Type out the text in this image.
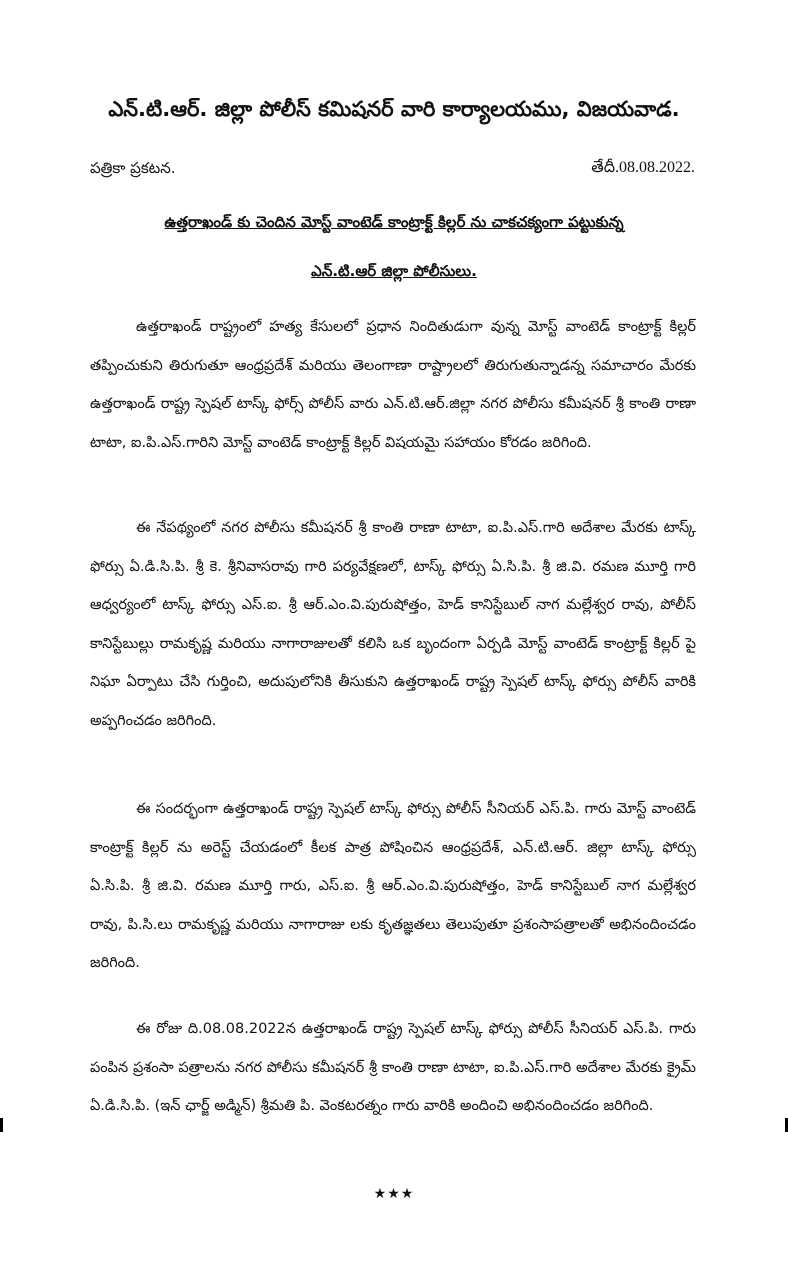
ఎన్.టి.ఆర్. జిల్లా పోలీస్ కమిషనర్ వారి కార్యాలయము, విజయవాడ.
పత్రికా ప్రకటన.	తేదీ.08.08.2022.
ఉత్తరాఖండ్ కు చెందిన మోస్ట్ వాంటెడ్ కాంట్రాక్ట్ కిల్లర్ ను చాకచక్యంగా పట్టుకున్న
ఎన్.టి.ఆర్ జిల్లా పోలీసులు.
ఉత్తరాఖండ్ రాష్ట్రంలో హత్య కేసులలో ప్రధాన నిందితుడుగా వున్న మోస్ట్ వాంటెడ్ కాంట్రాక్ట్ కిల్లర్ తప్పించుకుని తిరుగుతూ ఆంధ్రప్రదేశ్ మరియు తెలంగాణా రాష్ట్రాలలో తిరుగుతున్నాడన్న సమాచారం మేరకు ఉత్తరాఖండ్ రాష్ట్ర స్పెషల్ టాస్క్ ఫోర్స్ పోలీస్ వారు ఎన్.టి.ఆర్.జిల్లా నగర పోలీసు కమీషనర్ శ్రీ కాంతి రాణా టాటా, ఐ.పి.ఎస్.గారిని మోస్ట్ వాంటెడ్ కాంట్రాక్ట్ కిల్లర్ విషయమై సహాయం కోరడం జరిగింది.
ఈ నేపథ్యంలో నగర పోలీసు కమీషనర్ శ్రీ కాంతి రాణా టాటా, ఐ.పి.ఎస్.గారి అదేశాల మేరకు టాస్క్ ఫోర్సు ఏ.డి.సి.పి. శ్రీ కె. శ్రీనివాసరావు గారి పర్యవేక్షణలో, టాస్క్ ఫోర్సు ఏ.సి.పి. శ్రీ జి.వి. రమణ మూర్తి గారి ఆధ్వర్యంలో టాస్క్ ఫోర్సు ఎస్.ఐ. శ్రీ ఆర్.ఎం.వి.పురుషోత్తం, హెడ్ కానిస్టేబుల్ నాగ మల్లేశ్వర రావు, పోలీస్ కానిస్టేబుల్లు రామకృష్ణ మరియు నాగారాజులతో కలిసి ఒక బృందంగా ఏర్పడి మోస్ట్ వాంటెడ్ కాంట్రాక్ట్ కిల్లర్ పై నిఘా ఏర్పాటు చేసి గుర్తించి, అదుపులోనికి తీసుకుని ఉత్తరాఖండ్ రాష్ట్ర స్పెషల్ టాస్క్ ఫోర్సు పోలీస్ వారికి అప్పగించడం జరిగింది.
ఈ సందర్భంగా ఉత్తరాఖండ్ రాష్ట్ర స్పెషల్ టాస్క్ ఫోర్సు పోలీస్ సీనియర్ ఎస్.పి. గారు మోస్ట్ వాంటెడ్ కాంట్రాక్ట్ కిల్లర్ ను అరెస్ట్ చేయడంలో కీలక పాత్ర పోషించిన ఆంధ్రప్రదేశ్, ఎన్.టి.ఆర్. జిల్లా టాస్క్ ఫోర్సు ఏ.సి.పి. శ్రీ జి.వి. రమణ మూర్తి గారు, ఎస్.ఐ. శ్రీ ఆర్.ఎం.వి.పురుషోత్తం, హెడ్ కానిస్టేబుల్ నాగ మల్లేశ్వర రావు, పి.సి.లు రామకృష్ణ మరియు నాగారాజు లకు కృతజ్ఞతలు తెలుపుతూ ప్రశంసాపత్రాలతో అభినందించడం జరిగింది.
ఈ రోజు ది.08.08.2022న ఉత్తరాఖండ్ రాష్ట్ర స్పెషల్ టాస్క్ ఫోర్సు పోలీస్ సీనియర్ ఎస్.పి. గారు పంపిన ప్రశంసా పత్రాలను నగర పోలీసు కమీషనర్ శ్రీ కాంతి రాణా టాటా, ఐ.పి.ఎస్.గారి అదేశాల మేరకు క్రైమ్ ఏ.డి.సి.పి. (ఇన్ ఛార్జ్ అడ్మిన్) శ్రీమతి పి. వెంకటరత్నం గారు వారికి అందించి అభినందించడం జరిగింది.
★★★
